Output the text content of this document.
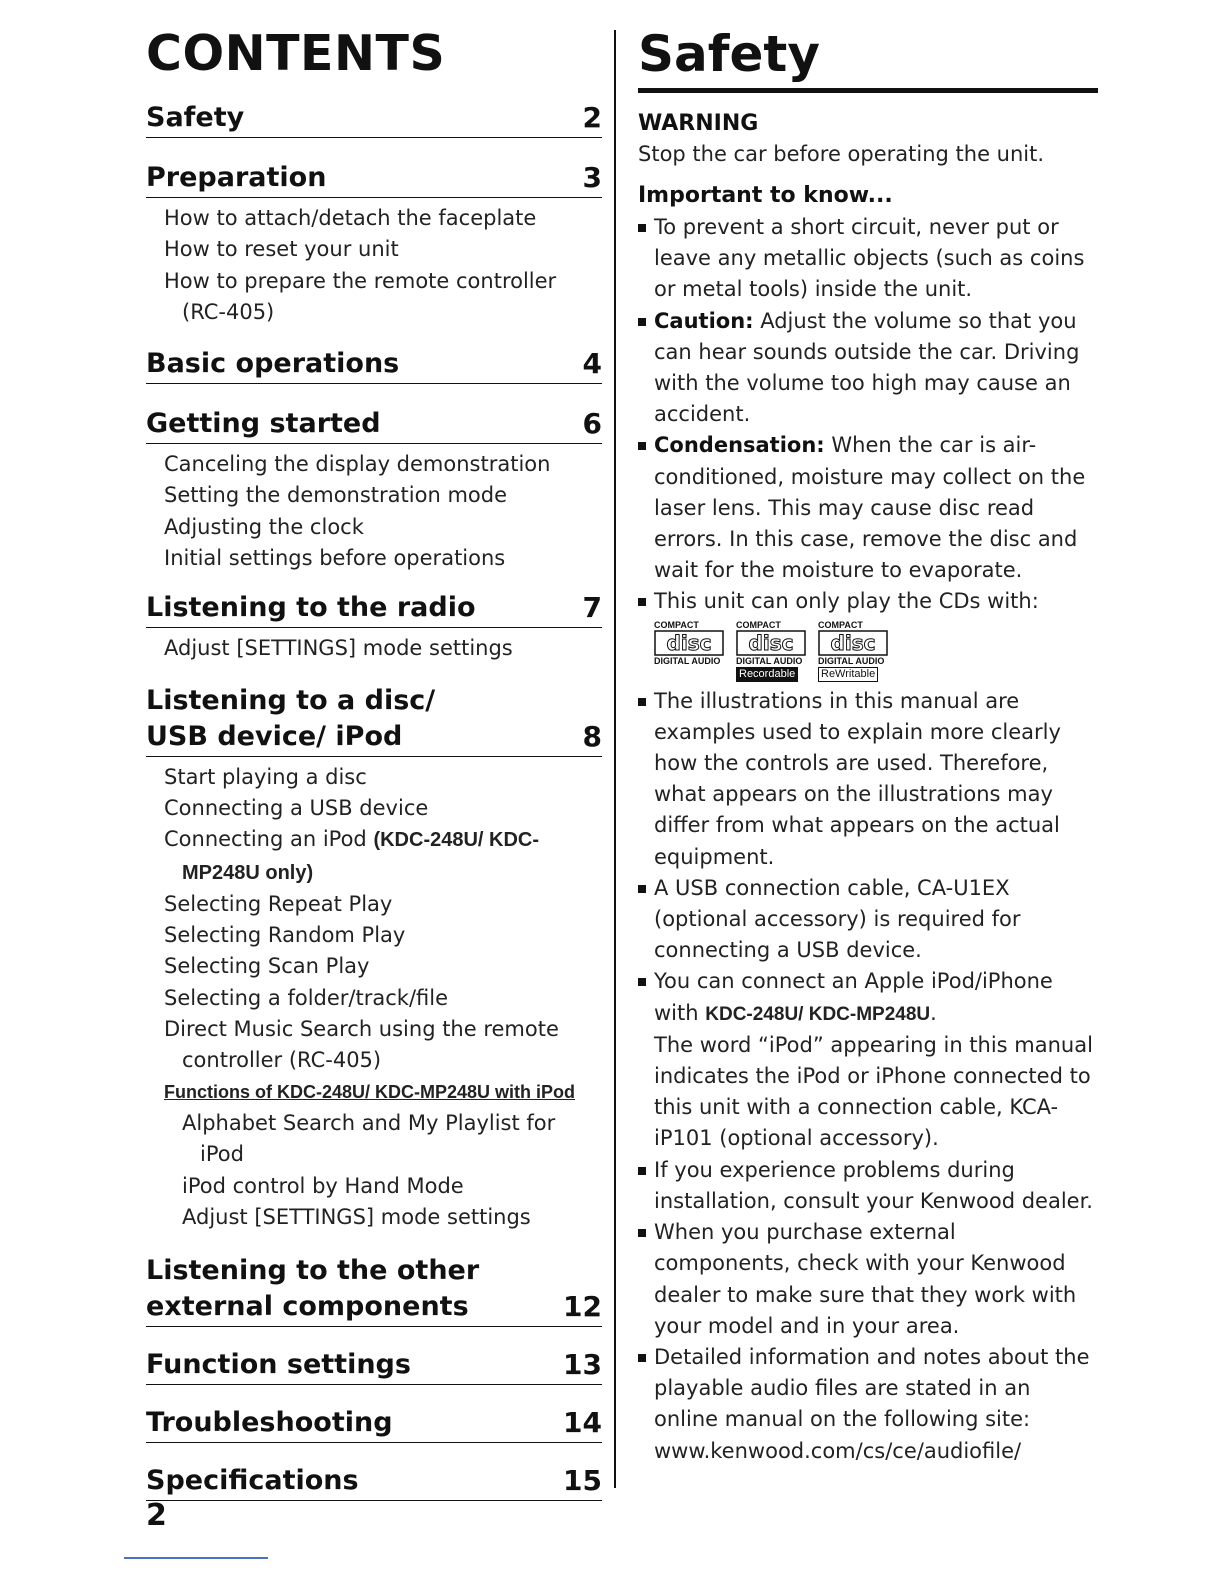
CONTENTS
Safety	2
Preparation	3
How to attach/detach the faceplate
How to reset your unit
How to prepare the remote controller (RC-405)
Basic operations	4
Getting started	6
Canceling the display demonstration
Setting the demonstration mode
Adjusting the clock
Initial settings before operations
Listening to the radio	7
Adjust [SETTINGS] mode settings
Listening to a disc/
USB device/ iPod	8
Start playing a disc
Connecting a USB device
Connecting an iPod (KDC-248U/ KDC-MP248U only)
Selecting Repeat Play
Selecting Random Play
Selecting Scan Play
Selecting a folder/track/file
Direct Music Search using the remote controller (RC-405)
Functions of KDC-248U/ KDC-MP248U with iPod
Alphabet Search and My Playlist for iPod
iPod control by Hand Mode
Adjust [SETTINGS] mode settings
Listening to the other
external components	12
Function settings	13
Troubleshooting	14
Specifications	15
Safety
WARNING
Stop the car before operating the unit.
Important to know...
To prevent a short circuit, never put or leave any metallic objects (such as coins or metal tools) inside the unit.
Caution: Adjust the volume so that you can hear sounds outside the car. Driving with the volume too high may cause an accident.
Condensation: When the car is air-conditioned, moisture may collect on the laser lens. This may cause disc read errors. In this case, remove the disc and wait for the moisture to evaporate.
This unit can only play the CDs with:
COMPACT
disc
DIGITAL AUDIO
COMPACT
disc
DIGITAL AUDIO
Recordable
COMPACT
disc
DIGITAL AUDIO
ReWritable
The illustrations in this manual are examples used to explain more clearly how the controls are used. Therefore, what appears on the illustrations may differ from what appears on the actual equipment.
A USB connection cable, CA-U1EX (optional accessory) is required for connecting a USB device.
You can connect an Apple iPod/iPhone with KDC-248U/ KDC-MP248U.
The word “iPod” appearing in this manual indicates the iPod or iPhone connected to this unit with a connection cable, KCA-iP101 (optional accessory).
If you experience problems during installation, consult your Kenwood dealer.
When you purchase external components, check with your Kenwood dealer to make sure that they work with your model and in your area.
Detailed information and notes about the playable audio files are stated in an online manual on the following site: www.kenwood.com/cs/ce/audiofile/
2
